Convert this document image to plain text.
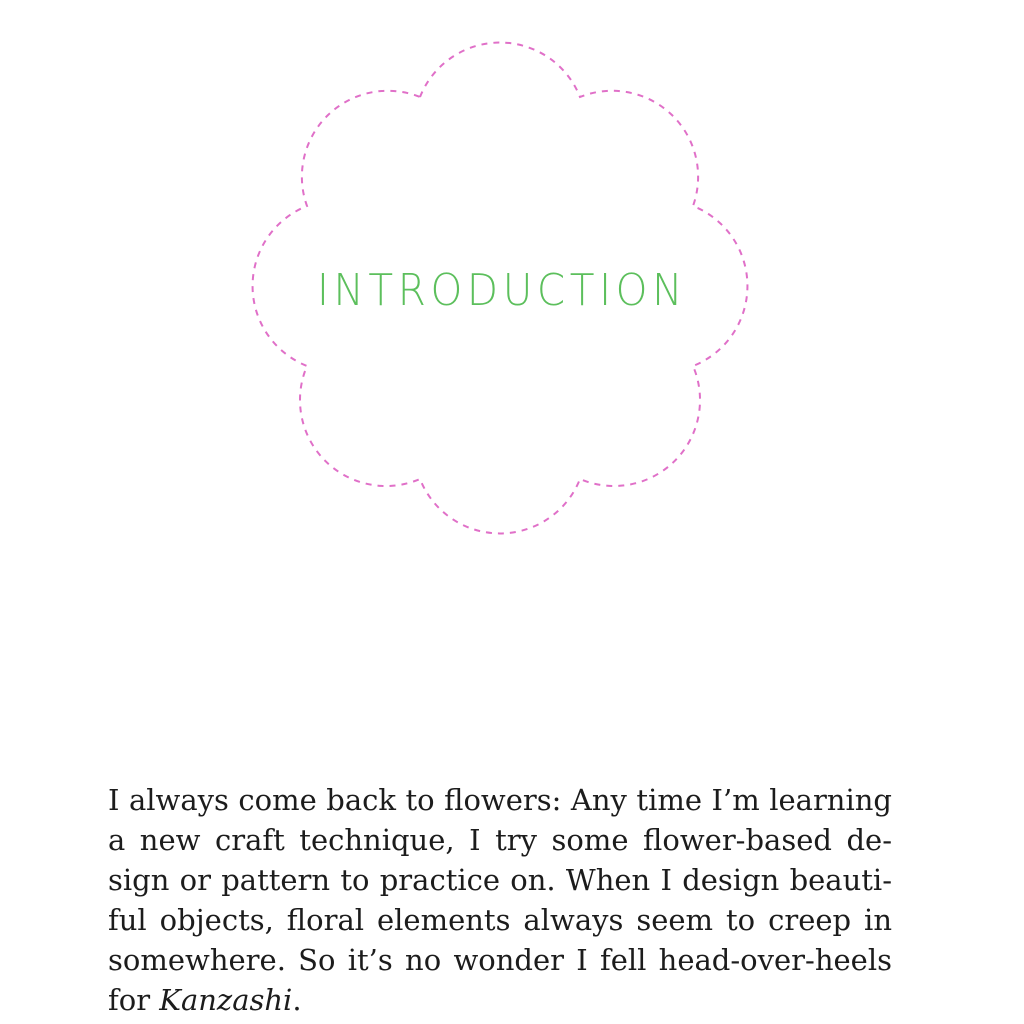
INTRODUCTION
I always come back to flowers: Any time I’m learning
a new craft technique, I try some flower-based de-
sign or pattern to practice on. When I design beauti-
ful objects, floral elements always seem to creep in
somewhere. So it’s no wonder I fell head-over-heels
for Kanzashi.
